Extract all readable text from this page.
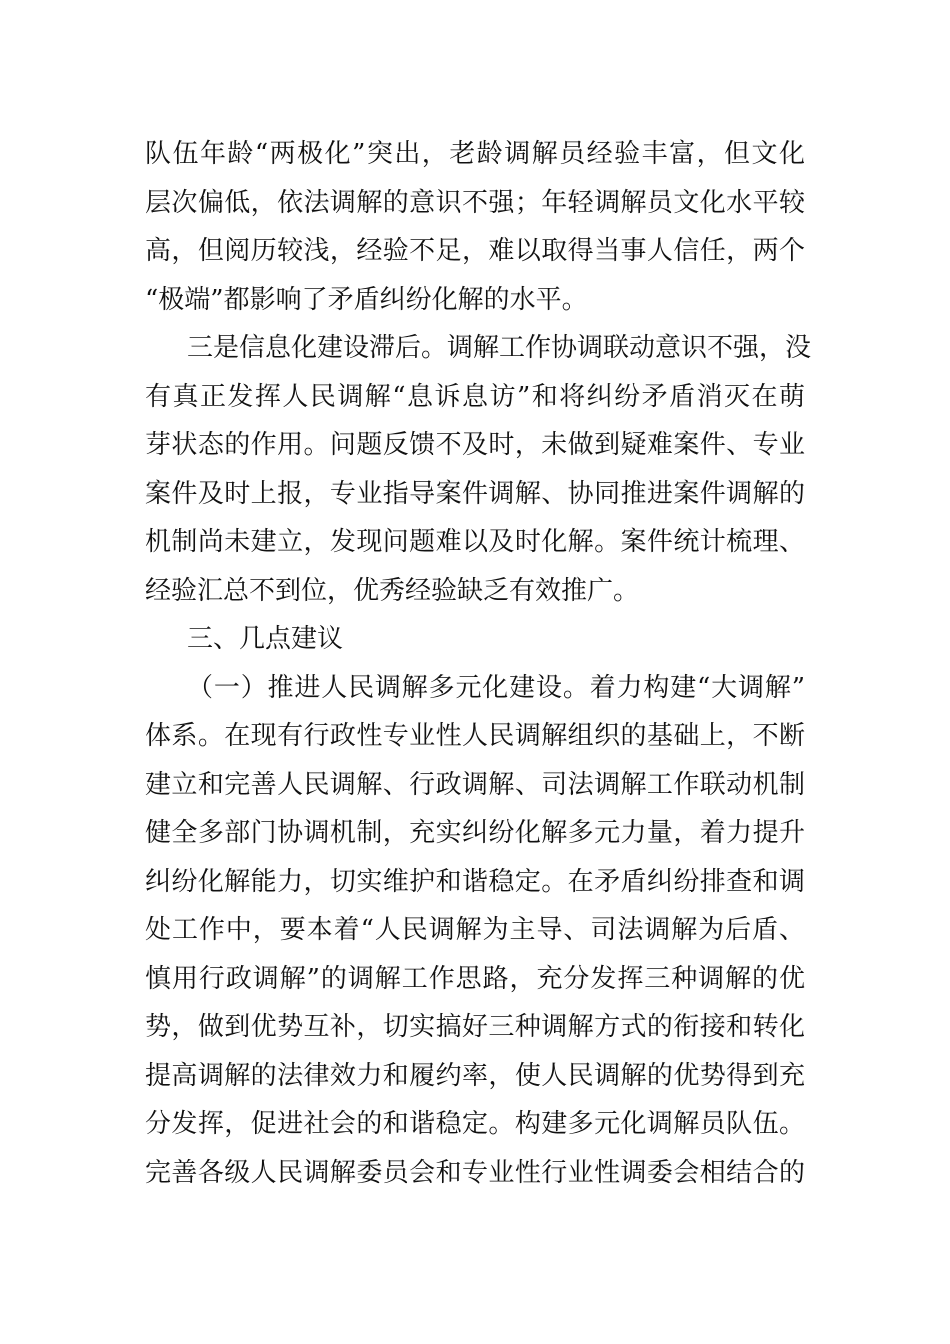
队伍年龄“两极化”突出，老龄调解员经验丰富，但文化
层次偏低，依法调解的意识不强；年轻调解员文化水平较
高，但阅历较浅，经验不足，难以取得当事人信任，两个
“极端”都影响了矛盾纠纷化解的水平。
三是信息化建设滞后。调解工作协调联动意识不强，没
有真正发挥人民调解“息诉息访”和将纠纷矛盾消灭在萌
芽状态的作用。问题反馈不及时，未做到疑难案件、专业
案件及时上报，专业指导案件调解、协同推进案件调解的
机制尚未建立，发现问题难以及时化解。案件统计梳理、
经验汇总不到位，优秀经验缺乏有效推广。
三、几点建议
（一）推进人民调解多元化建设。着力构建“大调解”
体系。在现有行政性专业性人民调解组织的基础上，不断
建立和完善人民调解、行政调解、司法调解工作联动机制
健全多部门协调机制，充实纠纷化解多元力量，着力提升
纠纷化解能力，切实维护和谐稳定。在矛盾纠纷排查和调
处工作中，要本着“人民调解为主导、司法调解为后盾、
慎用行政调解”的调解工作思路，充分发挥三种调解的优
势，做到优势互补，切实搞好三种调解方式的衔接和转化
提高调解的法律效力和履约率，使人民调解的优势得到充
分发挥，促进社会的和谐稳定。构建多元化调解员队伍。
完善各级人民调解委员会和专业性行业性调委会相结合的
